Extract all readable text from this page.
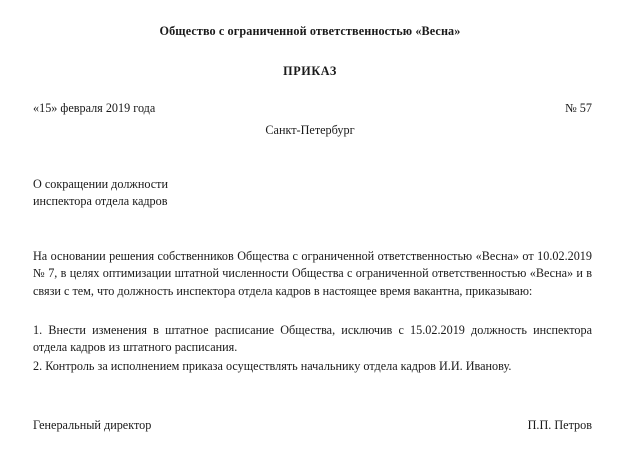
Общество с ограниченной ответственностью «Весна»
ПРИКАЗ
«15» февраля 2019 года	№ 57
Санкт-Петербург
О сокращении должности
инспектора отдела кадров
На основании решения собственников Общества с ограниченной ответственностью «Весна» от 10.02.2019 № 7, в целях оптимизации штатной численности Общества с ограниченной ответственностью «Весна» и в связи с тем, что должность инспектора отдела кадров в настоящее время вакантна, приказываю:
1. Внести изменения в штатное расписание Общества, исключив с 15.02.2019 должность инспектора отдела кадров из штатного расписания.
2. Контроль за исполнением приказа осуществлять начальнику отдела кадров И.И. Иванову.
Генеральный директор	П.П. Петров
